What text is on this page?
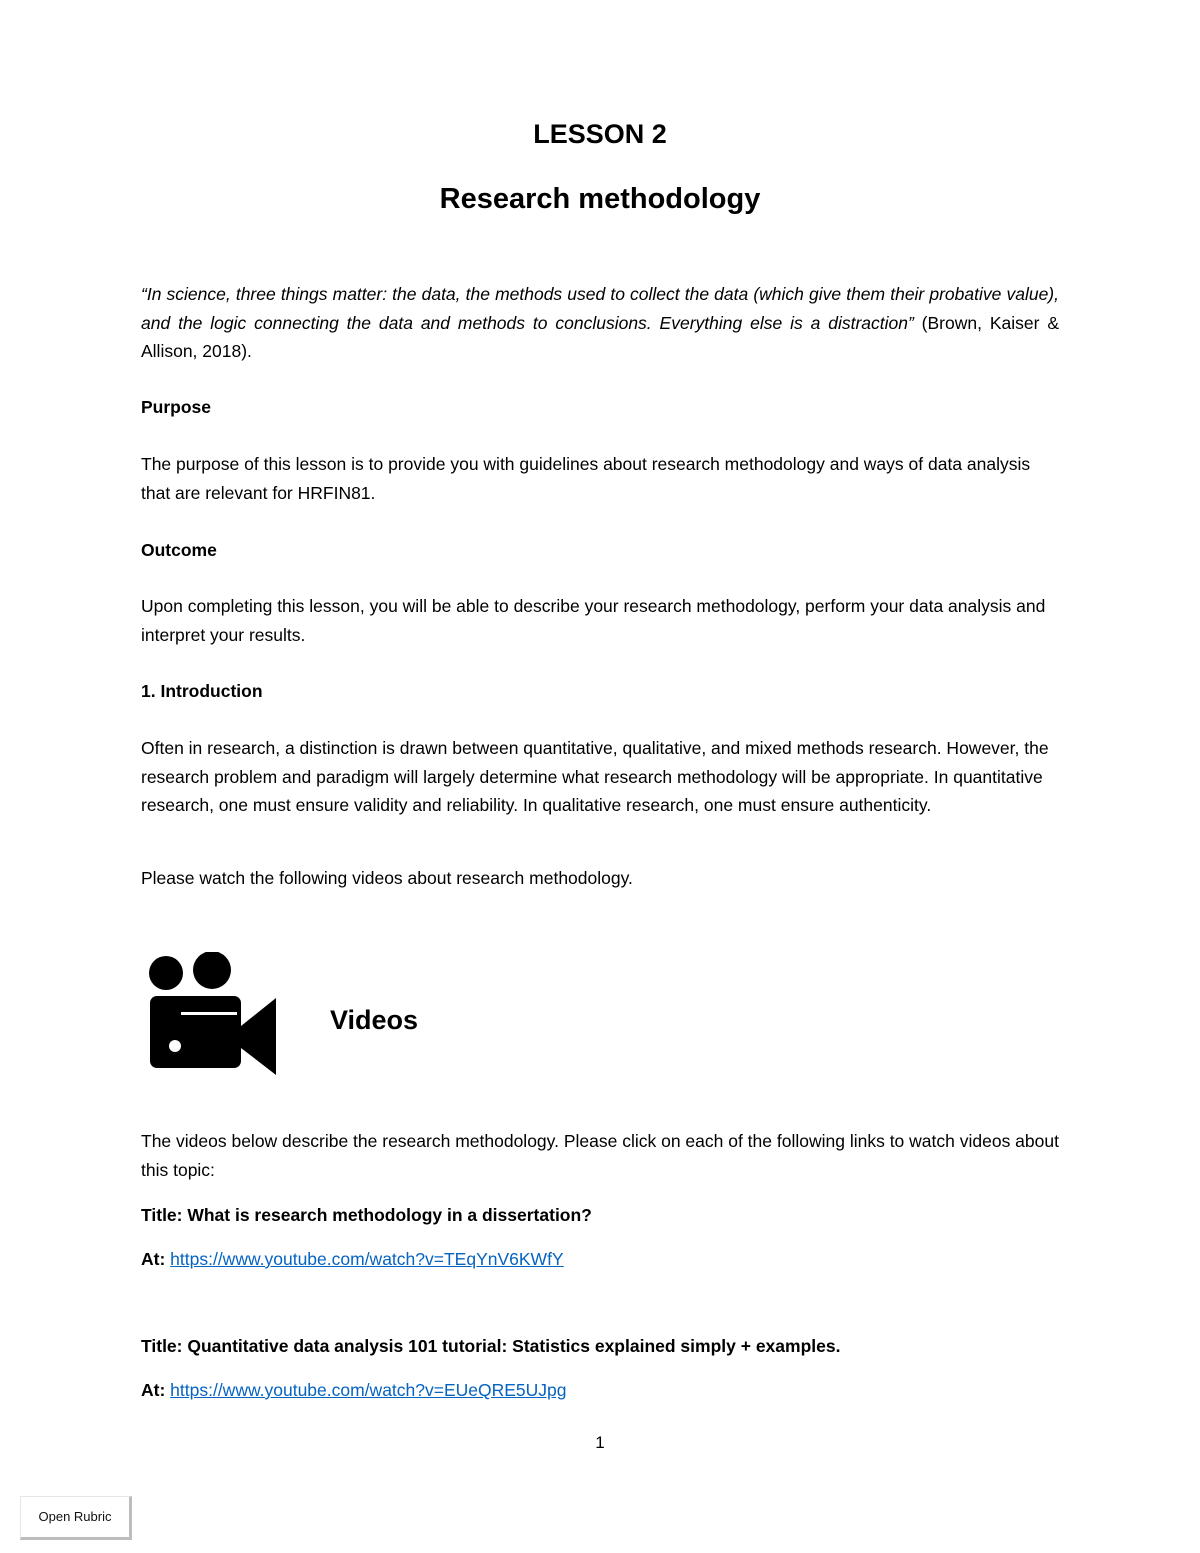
LESSON 2
Research methodology

“In science, three things matter: the data, the methods used to collect the data (which give them their probative value), and the logic connecting the data and methods to conclusions. Everything else is a distraction” (Brown, Kaiser & Allison, 2018).

Purpose

The purpose of this lesson is to provide you with guidelines about research methodology and ways of data analysis that are relevant for HRFIN81.

Outcome

Upon completing this lesson, you will be able to describe your research methodology, perform your data analysis and interpret your results.

1. Introduction

Often in research, a distinction is drawn between quantitative, qualitative, and mixed methods research. However, the research problem and paradigm will largely determine what research methodology will be appropriate. In quantitative research, one must ensure validity and reliability. In qualitative research, one must ensure authenticity.

Please watch the following videos about research methodology.

Videos

The videos below describe the research methodology. Please click on each of the following links to watch videos about this topic:

Title: What is research methodology in a dissertation?
At: https://www.youtube.com/watch?v=TEqYnV6KWfY
Title: Quantitative data analysis 101 tutorial: Statistics explained simply + examples.
At: https://www.youtube.com/watch?v=EUeQRE5UJpg
1
Open Rubric
